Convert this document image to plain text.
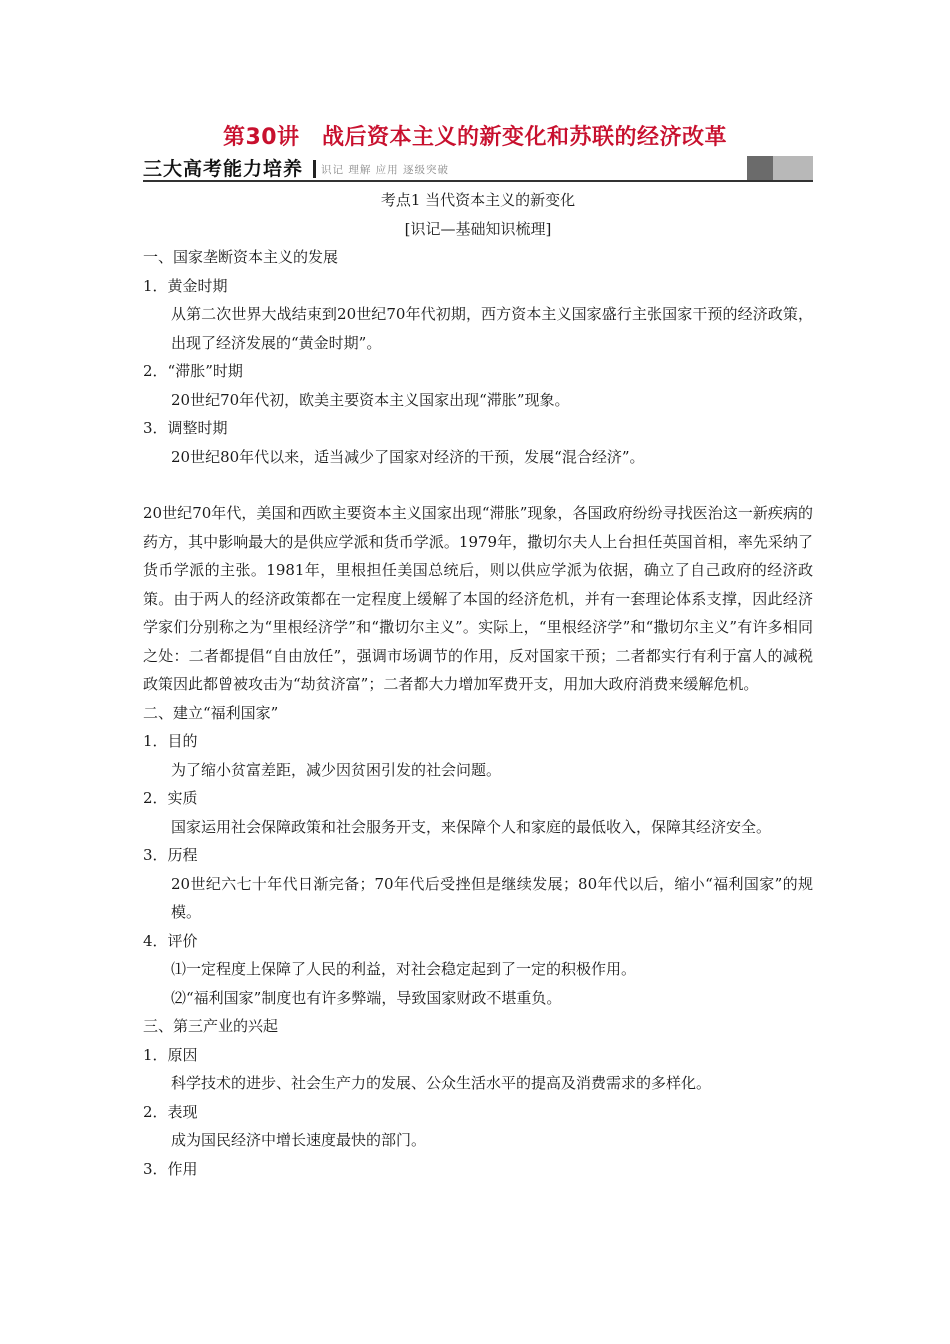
第30讲　战后资本主义的新变化和苏联的经济改革
三大高考能力培养 识记 理解 应用 逐级突破

考点1 当代资本主义的新变化

[识记—基础知识梳理]

一、国家垄断资本主义的发展

1．黄金时期

从第二次世界大战结束到20世纪70年代初期，西方资本主义国家盛行主张国家干预的经济政策，出现了经济发展的“黄金时期”。

2．“滞胀”时期

20世纪70年代初，欧美主要资本主义国家出现“滞胀”现象。

3．调整时期

20世纪80年代以来，适当减少了国家对经济的干预，发展“混合经济”。

20世纪70年代，美国和西欧主要资本主义国家出现“滞胀”现象，各国政府纷纷寻找医治这一新疾病的药方，其中影响最大的是供应学派和货币学派。1979年，撒切尔夫人上台担任英国首相，率先采纳了货币学派的主张。1981年，里根担任美国总统后，则以供应学派为依据，确立了自己政府的经济政策。由于两人的经济政策都在一定程度上缓解了本国的经济危机，并有一套理论体系支撑，因此经济学家们分别称之为“里根经济学”和“撒切尔主义”。实际上，“里根经济学”和“撒切尔主义”有许多相同之处：二者都提倡“自由放任”，强调市场调节的作用，反对国家干预；二者都实行有利于富人的减税政策因此都曾被攻击为“劫贫济富”；二者都大力增加军费开支，用加大政府消费来缓解危机。

二、建立“福利国家”

1．目的

为了缩小贫富差距，减少因贫困引发的社会问题。

2．实质

国家运用社会保障政策和社会服务开支，来保障个人和家庭的最低收入，保障其经济安全。

3．历程

20世纪六七十年代日渐完备；70年代后受挫但是继续发展；80年代以后，缩小“福利国家”的规模。

4．评价

⑴一定程度上保障了人民的利益，对社会稳定起到了一定的积极作用。

⑵“福利国家”制度也有许多弊端，导致国家财政不堪重负。

三、第三产业的兴起

1．原因

科学技术的进步、社会生产力的发展、公众生活水平的提高及消费需求的多样化。

2．表现

成为国民经济中增长速度最快的部门。

3．作用
